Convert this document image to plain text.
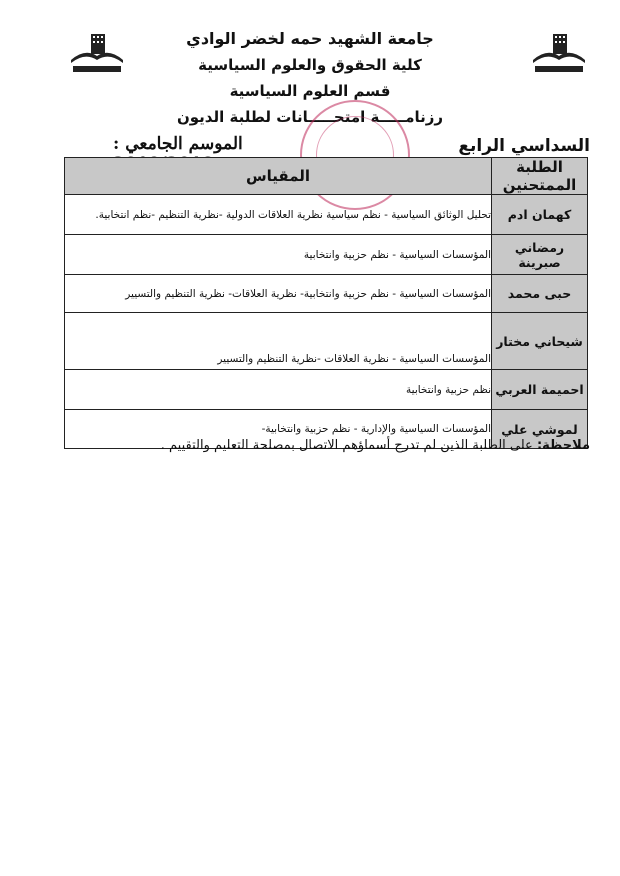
جامعة الشهيد حمه لخضر الوادي
كلية الحقوق والعلوم السياسية
قسم العلوم السياسية
رزنامـــــة امتحـــــانات لطلبة الديون
السداسي الرابع
الموسم الجامعي :
الطلبة الممتحنين	المقياس
كهمان ادم	تحليل الوثائق السياسية - نظم سياسية نظرية العلاقات الدولية -نظرية التنظيم -نظم انتخابية.
رمضاني صبرينة	المؤسسات السياسية - نظم حزبية وانتخابية
حبى محمد	المؤسسات السياسية - نظم حزبية وانتخابية- نظرية العلاقات- نظرية التنظيم والتسيير
شيحاني مختار	المؤسسات السياسية - نظرية العلاقات -نظرية التنظيم والتسيير
احميمة العربي	نظم حزبية وانتخابية
لموشي علي	المؤسسات السياسية والإدارية - نظم حزبية وانتخابية-
ملاحظة: على الطلبة الذين لم تدرج أسماؤهم الاتصال بمصلحة التعليم والتقييم .
